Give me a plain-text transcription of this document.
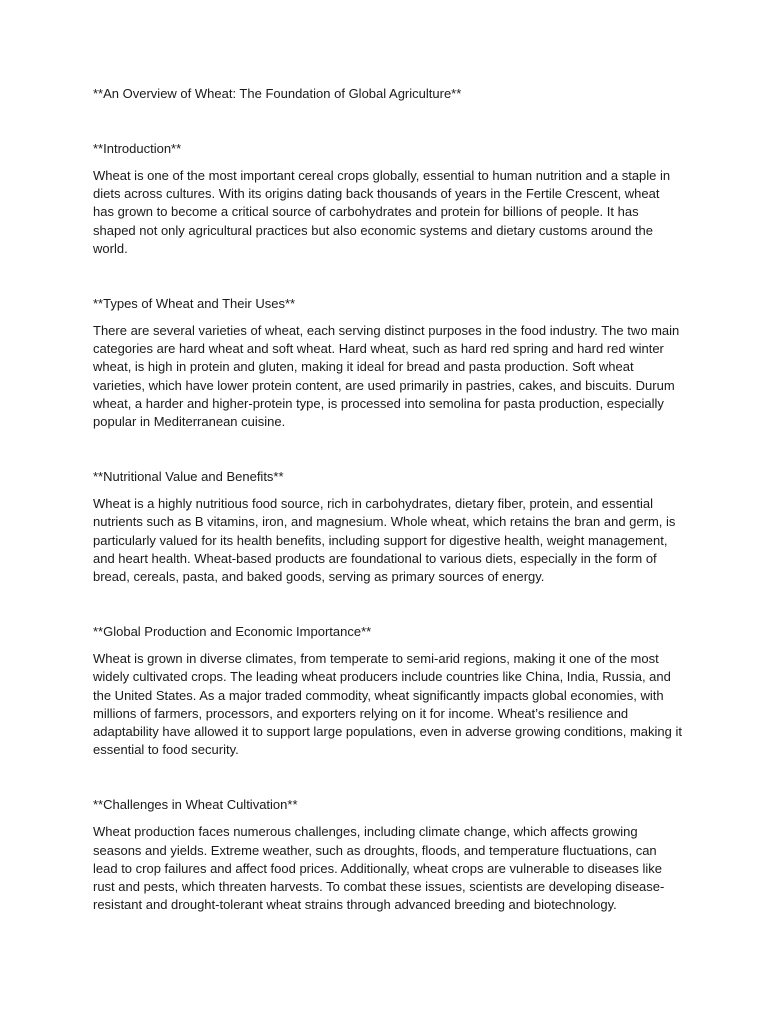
**An Overview of Wheat: The Foundation of Global Agriculture**

**Introduction**

Wheat is one of the most important cereal crops globally, essential to human nutrition and a staple in diets across cultures. With its origins dating back thousands of years in the Fertile Crescent, wheat has grown to become a critical source of carbohydrates and protein for billions of people. It has shaped not only agricultural practices but also economic systems and dietary customs around the world.

**Types of Wheat and Their Uses**

There are several varieties of wheat, each serving distinct purposes in the food industry. The two main categories are hard wheat and soft wheat. Hard wheat, such as hard red spring and hard red winter wheat, is high in protein and gluten, making it ideal for bread and pasta production. Soft wheat varieties, which have lower protein content, are used primarily in pastries, cakes, and biscuits. Durum wheat, a harder and higher-protein type, is processed into semolina for pasta production, especially popular in Mediterranean cuisine.

**Nutritional Value and Benefits**

Wheat is a highly nutritious food source, rich in carbohydrates, dietary fiber, protein, and essential nutrients such as B vitamins, iron, and magnesium. Whole wheat, which retains the bran and germ, is particularly valued for its health benefits, including support for digestive health, weight management, and heart health. Wheat-based products are foundational to various diets, especially in the form of bread, cereals, pasta, and baked goods, serving as primary sources of energy.

**Global Production and Economic Importance**

Wheat is grown in diverse climates, from temperate to semi-arid regions, making it one of the most widely cultivated crops. The leading wheat producers include countries like China, India, Russia, and the United States. As a major traded commodity, wheat significantly impacts global economies, with millions of farmers, processors, and exporters relying on it for income. Wheat’s resilience and adaptability have allowed it to support large populations, even in adverse growing conditions, making it essential to food security.

**Challenges in Wheat Cultivation**

Wheat production faces numerous challenges, including climate change, which affects growing seasons and yields. Extreme weather, such as droughts, floods, and temperature fluctuations, can lead to crop failures and affect food prices. Additionally, wheat crops are vulnerable to diseases like rust and pests, which threaten harvests. To combat these issues, scientists are developing disease-resistant and drought-tolerant wheat strains through advanced breeding and biotechnology.
